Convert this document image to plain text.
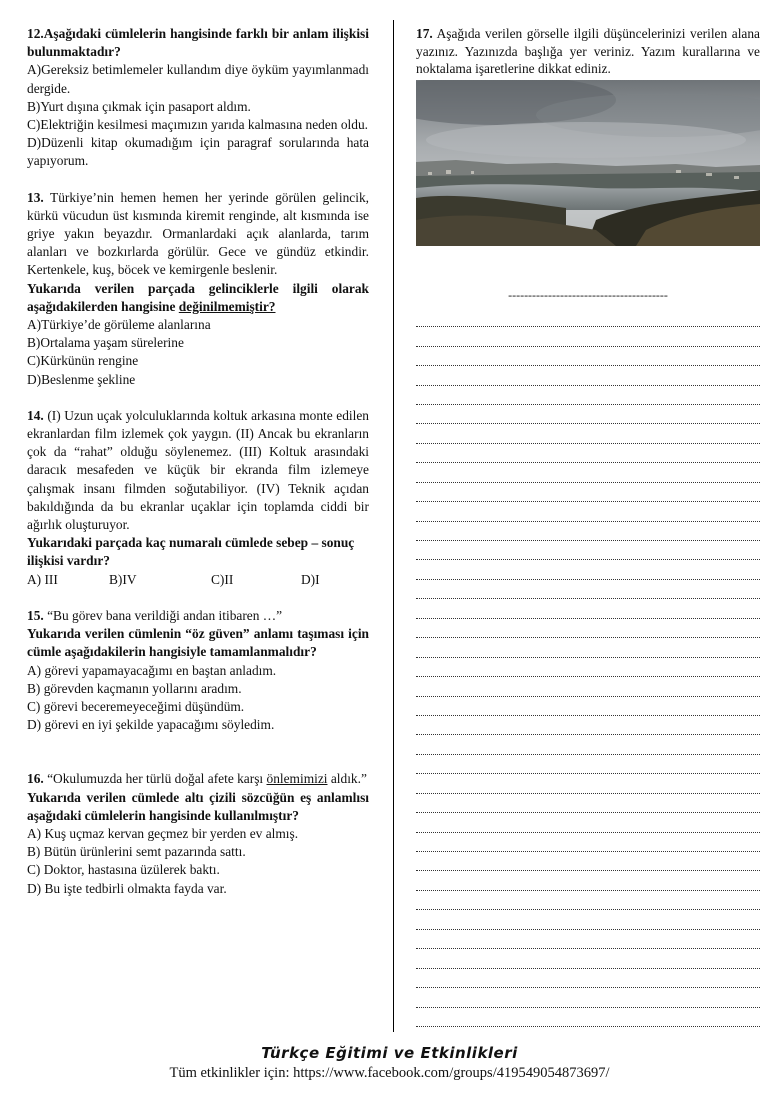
12.Aşağıdaki cümlelerin hangisinde farklı bir anlam ilişkisi bulunmaktadır?

A)Gereksiz betimlemeler kullandım diye öyküm yayımlanmadı dergide.

B)Yurt dışına çıkmak için pasaport aldım.

C)Elektriğin kesilmesi maçımızın yarıda kalmasına neden oldu.

D)Düzenli kitap okumadığım için paragraf sorularında hata yapıyorum.

13. Türkiye’nin hemen hemen her yerinde görülen gelincik, kürkü vücudun üst kısmında kiremit renginde, alt kısmında ise griye yakın beyazdır. Ormanlardaki açık alanlarda, tarım alanları ve bozkırlarda görülür. Gece ve gündüz etkindir. Kertenkele, kuş, böcek ve kemirgenle beslenir.

Yukarıda verilen parçada gelinciklerle ilgili olarak aşağıdakilerden hangisine değinilmemiştir?

A)Türkiye’de görüleme alanlarına

B)Ortalama yaşam sürelerine

C)Kürkünün rengine

D)Beslenme şekline

14. (I) Uzun uçak yolculuklarında koltuk arkasına monte edilen ekranlardan film izlemek çok yaygın. (II) Ancak bu ekranların çok da “rahat” olduğu söylenemez. (III) Koltuk arasındaki daracık mesafeden ve küçük bir ekranda film izlemeye çalışmak insanı filmden soğutabiliyor. (IV) Teknik açıdan bakıldığında da bu ekranlar uçaklar için toplamda ciddi bir ağırlık oluşturuyor.

Yukarıdaki parçada kaç numaralı cümlede sebep – sonuç ilişkisi vardır?

A) III	B)IV	C)II	D)I

15. “Bu görev bana verildiği andan itibaren …”

Yukarıda verilen cümlenin “öz güven” anlamı taşıması için cümle aşağıdakilerin hangisiyle tamamlanmalıdır?

A) görevi yapamayacağımı en baştan anladım.

B) görevden kaçmanın yollarını aradım.

C) görevi beceremeyeceğimi düşündüm.

D) görevi en iyi şekilde yapacağımı söyledim.

16. “Okulumuzda her türlü doğal afete karşı önlemimizi aldık.”

Yukarıda verilen cümlede altı çizili sözcüğün eş anlamlısı aşağıdaki cümlelerin hangisinde kullanılmıştır?

A) Kuş uçmaz kervan geçmez bir yerden ev almış.

B) Bütün ürünlerini semt pazarında sattı.

C) Doktor, hastasına üzülerek baktı.

D) Bu işte tedbirli olmakta fayda var.

17. Aşağıda verilen görselle ilgili düşüncelerinizi verilen alana yazınız. Yazınızda başlığa yer veriniz. Yazım kurallarına ve noktalama işaretlerine dikkat ediniz.

----------------------------------------
Türkçe Eğitimi ve Etkinlikleri
Tüm etkinlikler için: https://www.facebook.com/groups/419549054873697/
